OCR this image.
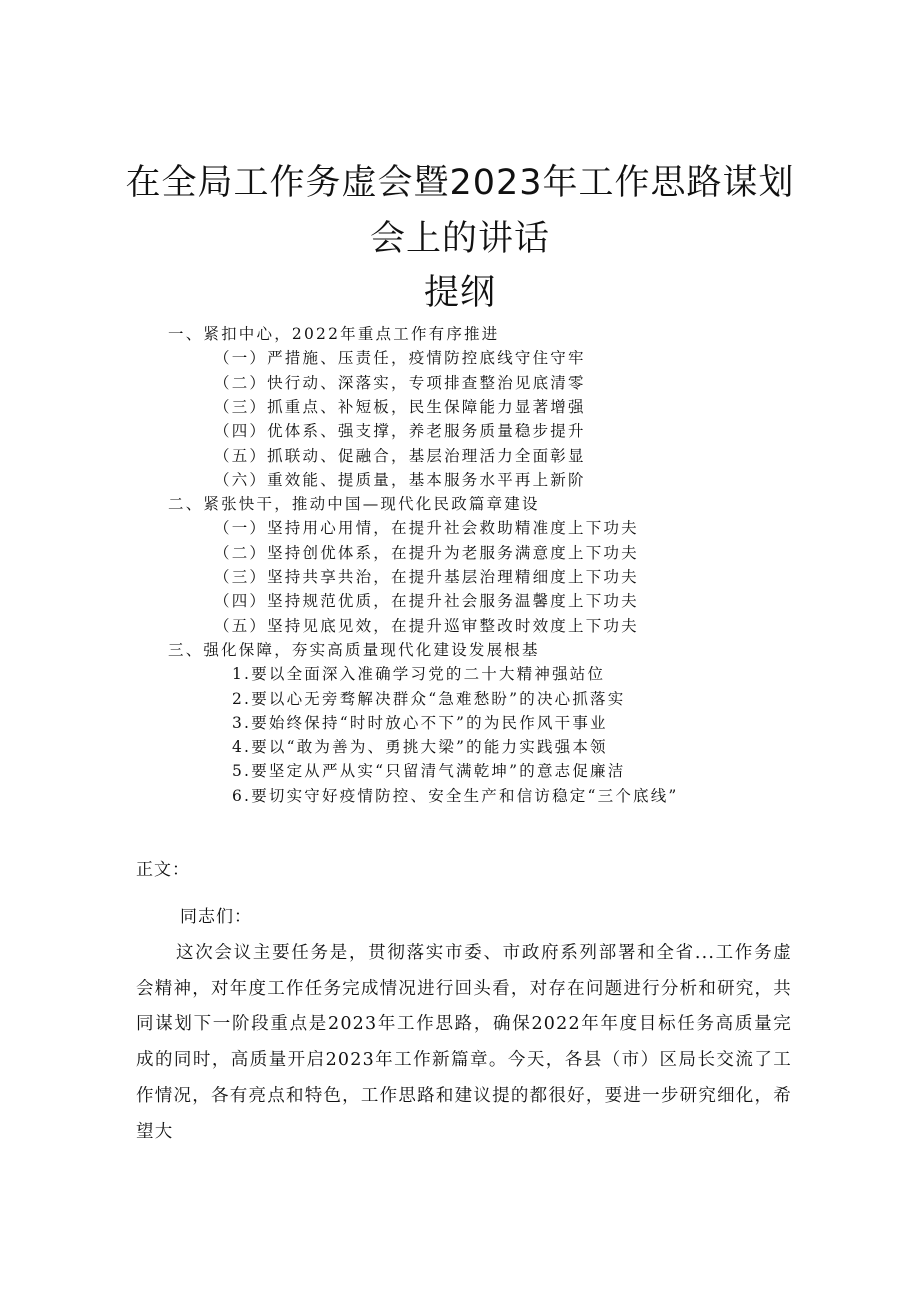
在全局工作务虚会暨2023年工作思路谋划
会上的讲话
提纲
一、紧扣中心，2022年重点工作有序推进
（一）严措施、压责任，疫情防控底线守住守牢
（二）快行动、深落实，专项排查整治见底清零
（三）抓重点、补短板，民生保障能力显著增强
（四）优体系、强支撑，养老服务质量稳步提升
（五）抓联动、促融合，基层治理活力全面彰显
（六）重效能、提质量，基本服务水平再上新阶
二、紧张快干，推动中国—现代化民政篇章建设
（一）坚持用心用情，在提升社会救助精准度上下功夫
（二）坚持创优体系，在提升为老服务满意度上下功夫
（三）坚持共享共治，在提升基层治理精细度上下功夫
（四）坚持规范优质，在提升社会服务温馨度上下功夫
（五）坚持见底见效，在提升巡审整改时效度上下功夫
三、强化保障，夯实高质量现代化建设发展根基
1.要以全面深入准确学习党的二十大精神强站位
2.要以心无旁骛解决群众“急难愁盼”的决心抓落实
3.要始终保持“时时放心不下”的为民作风干事业
4.要以“敢为善为、勇挑大梁”的能力实践强本领
5.要坚定从严从实“只留清气满乾坤”的意志促廉洁
6.要切实守好疫情防控、安全生产和信访稳定“三个底线”
正文：
同志们：
这次会议主要任务是，贯彻落实市委、市政府系列部署和全省...工作务虚会精神，对年度工作任务完成情况进行回头看，对存在问题进行分析和研究，共同谋划下一阶段重点是2023年工作思路，确保2022年年度目标任务高质量完成的同时，高质量开启2023年工作新篇章。今天，各县（市）区局长交流了工作情况，各有亮点和特色，工作思路和建议提的都很好，要进一步研究细化，希望大
